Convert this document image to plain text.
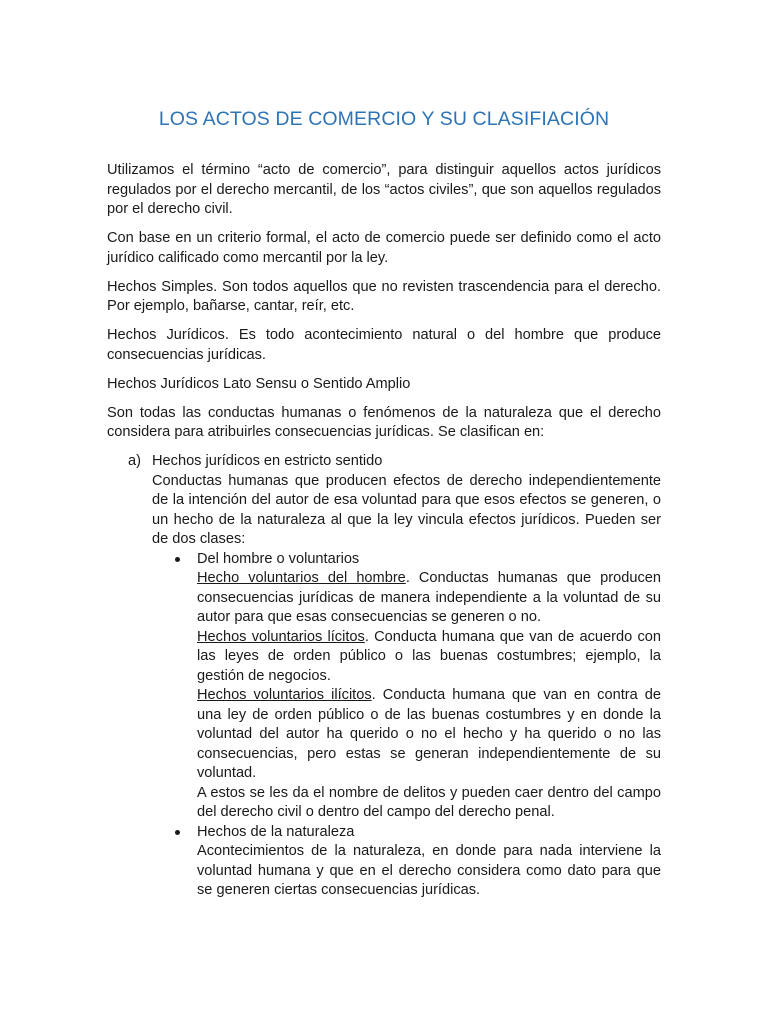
LOS ACTOS DE COMERCIO Y SU CLASIFIACIÓN

Utilizamos el término “acto de comercio”, para distinguir aquellos actos jurídicos regulados por el derecho mercantil, de los “actos civiles”, que son aquellos regulados por el derecho civil.

Con base en un criterio formal, el acto de comercio puede ser definido como el acto jurídico calificado como mercantil por la ley.

Hechos Simples. Son todos aquellos que no revisten trascendencia para el derecho. Por ejemplo, bañarse, cantar, reír, etc.

Hechos Jurídicos. Es todo acontecimiento natural o del hombre que produce consecuencias jurídicas.

Hechos Jurídicos Lato Sensu o Sentido Amplio

Son todas las conductas humanas o fenómenos de la naturaleza que el derecho considera para atribuirles consecuencias jurídicas. Se clasifican en:

a) Hechos jurídicos en estricto sentido
Conductas humanas que producen efectos de derecho independientemente de la intención del autor de esa voluntad para que esos efectos se generen, o un hecho de la naturaleza al que la ley vincula efectos jurídicos. Pueden ser de dos clases:
Del hombre o voluntarios
Hecho voluntarios del hombre. Conductas humanas que producen consecuencias jurídicas de manera independiente a la voluntad de su autor para que esas consecuencias se generen o no.
Hechos voluntarios lícitos. Conducta humana que van de acuerdo con las leyes de orden público o las buenas costumbres; ejemplo, la gestión de negocios.
Hechos voluntarios ilícitos. Conducta humana que van en contra de una ley de orden público o de las buenas costumbres y en donde la voluntad del autor ha querido o no el hecho y ha querido o no las consecuencias, pero estas se generan independientemente de su voluntad.
A estos se les da el nombre de delitos y pueden caer dentro del campo del derecho civil o dentro del campo del derecho penal.
Hechos de la naturaleza
Acontecimientos de la naturaleza, en donde para nada interviene la voluntad humana y que en el derecho considera como dato para que se generen ciertas consecuencias jurídicas.
